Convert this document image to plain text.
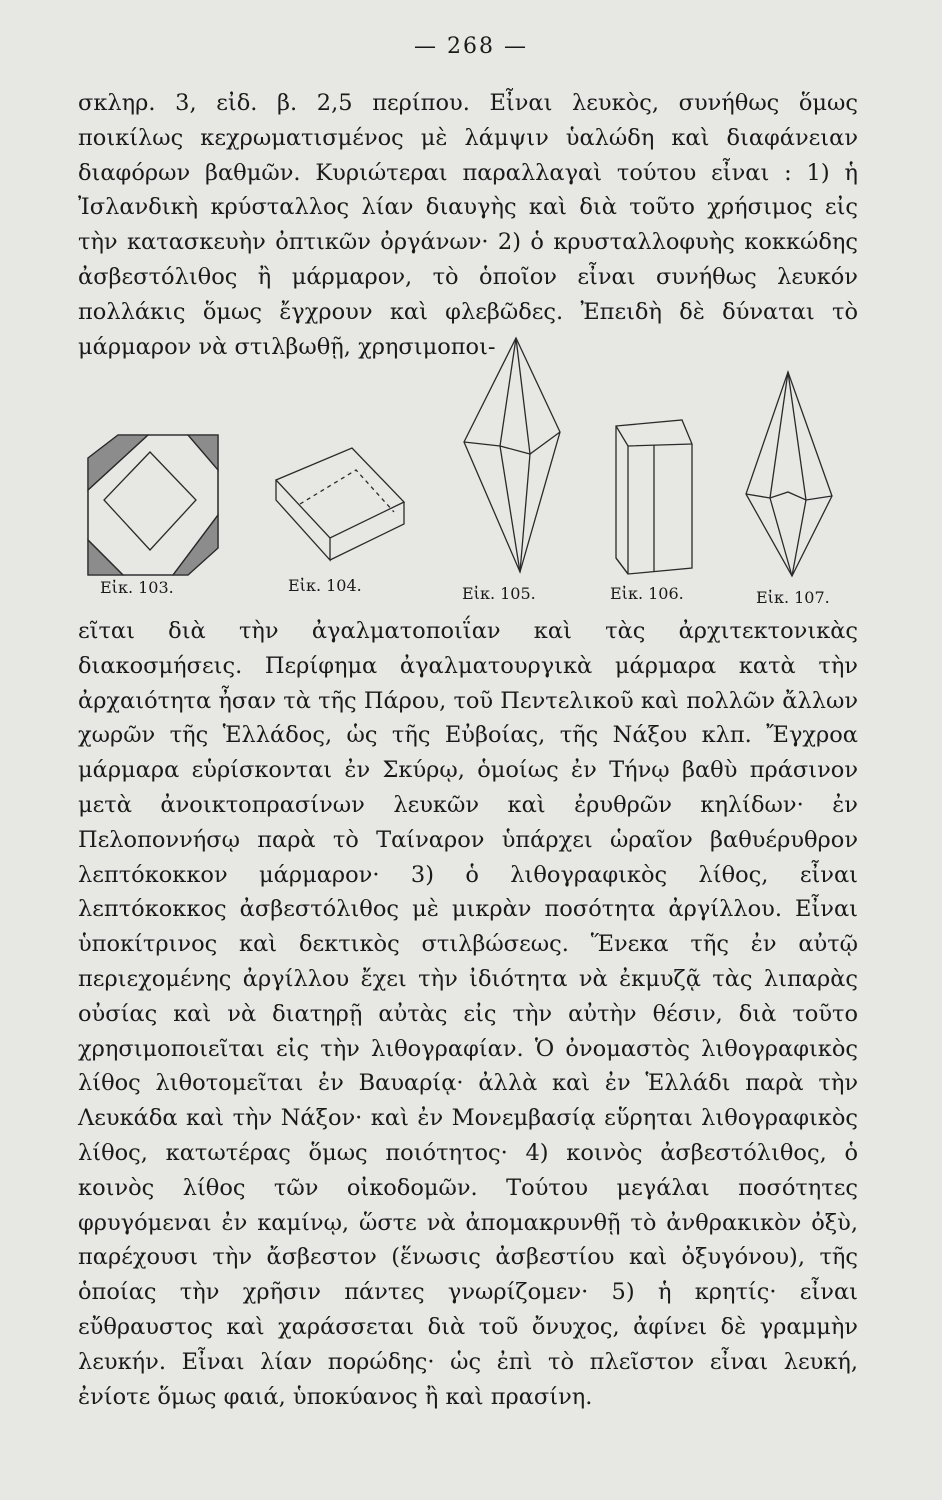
— 268 —

σκληρ. 3, εἰδ. β. 2,5 περίπου. Εἶναι λευκὸς, συνήθως ὅμως ποικίλως κεχρωματισμένος μὲ λάμψιν ὑαλώδη καὶ διαφάνειαν διαφόρων βαθμῶν. Κυριώτεραι παραλλαγαὶ τούτου εἶναι : 1) ἡ Ἰσλανδικὴ κρύσταλλος λίαν διαυγὴς καὶ διὰ τοῦτο χρήσιμος εἰς τὴν κατασκευὴν ὀπτικῶν ὀργάνων· 2) ὁ κρυσταλλοφυὴς κοκκώδης ἀσβεστόλιθος ἢ μάρμαρον, τὸ ὁποῖον εἶναι συνήθως λευκόν πολλάκις ὅμως ἔγχρουν καὶ φλεβῶδες. Ἐπειδὴ δὲ δύναται τὸ μάρμαρον νὰ στιλβωθῇ, χρησιμοποι-

Εἰκ. 103.	Εἰκ. 104.	Εἰκ. 105.	Εἰκ. 106.	Εἰκ. 107.

εῖται διὰ τὴν ἀγαλματοποιΐαν καὶ τὰς ἀρχιτεκτονικὰς διακοσμήσεις. Περίφημα ἀγαλματουργικὰ μάρμαρα κατὰ τὴν ἀρχαιότητα ἦσαν τὰ τῆς Πάρου, τοῦ Πεντελικοῦ καὶ πολλῶν ἄλλων χωρῶν τῆς Ἑλλάδος, ὡς τῆς Εὐβοίας, τῆς Νάξου κλπ. Ἔγχροα μάρμαρα εὑρίσκονται ἐν Σκύρῳ, ὁμοίως ἐν Τήνῳ βαθὺ πράσινον μετὰ ἀνοικτοπρασίνων λευκῶν καὶ ἐρυθρῶν κηλίδων· ἐν Πελοποννήσῳ παρὰ τὸ Ταίναρον ὑπάρχει ὡραῖον βαθυέρυθρον λεπτόκοκκον μάρμαρον· 3) ὁ λιθογραφικὸς λίθος, εἶναι λεπτόκοκκος ἀσβεστόλιθος μὲ μικρὰν ποσότητα ἀργίλλου. Εἶναι ὑποκίτρινος καὶ δεκτικὸς στιλβώσεως. Ἕνεκα τῆς ἐν αὐτῷ περιεχομένης ἀργίλλου ἔχει τὴν ἰδιότητα νὰ ἐκμυζᾷ τὰς λιπαρὰς οὐσίας καὶ νὰ διατηρῇ αὐτὰς εἰς τὴν αὐτὴν θέσιν, διὰ τοῦτο χρησιμοποιεῖται εἰς τὴν λιθογραφίαν. Ὁ ὀνομαστὸς λιθογραφικὸς λίθος λιθοτομεῖται ἐν Βαυαρίᾳ· ἀλλὰ καὶ ἐν Ἑλλάδι παρὰ τὴν Λευκάδα καὶ τὴν Νάξον· καὶ ἐν Μονεμβασίᾳ εὕρηται λιθογραφικὸς λίθος, κατωτέρας ὅμως ποιότητος· 4) κοινὸς ἀσβεστόλιθος, ὁ κοινὸς λίθος τῶν οἰκοδομῶν. Τούτου μεγάλαι ποσότητες φρυγόμεναι ἐν καμίνῳ, ὥστε νὰ ἀπομακρυνθῇ τὸ ἀνθρακικὸν ὀξὺ, παρέχουσι τὴν ἄσβεστον (ἕνωσις ἀσβεστίου καὶ ὀξυγόνου), τῆς ὁποίας τὴν χρῆσιν πάντες γνωρίζομεν· 5) ἡ κρητίς· εἶναι εὔθραυστος καὶ χαράσσεται διὰ τοῦ ὄνυχος, ἀφίνει δὲ γραμμὴν λευκήν. Εἶναι λίαν πορώδης· ὡς ἐπὶ τὸ πλεῖστον εἶναι λευκή, ἐνίοτε ὅμως φαιά, ὑποκύανος ἢ καὶ πρασίνη.
